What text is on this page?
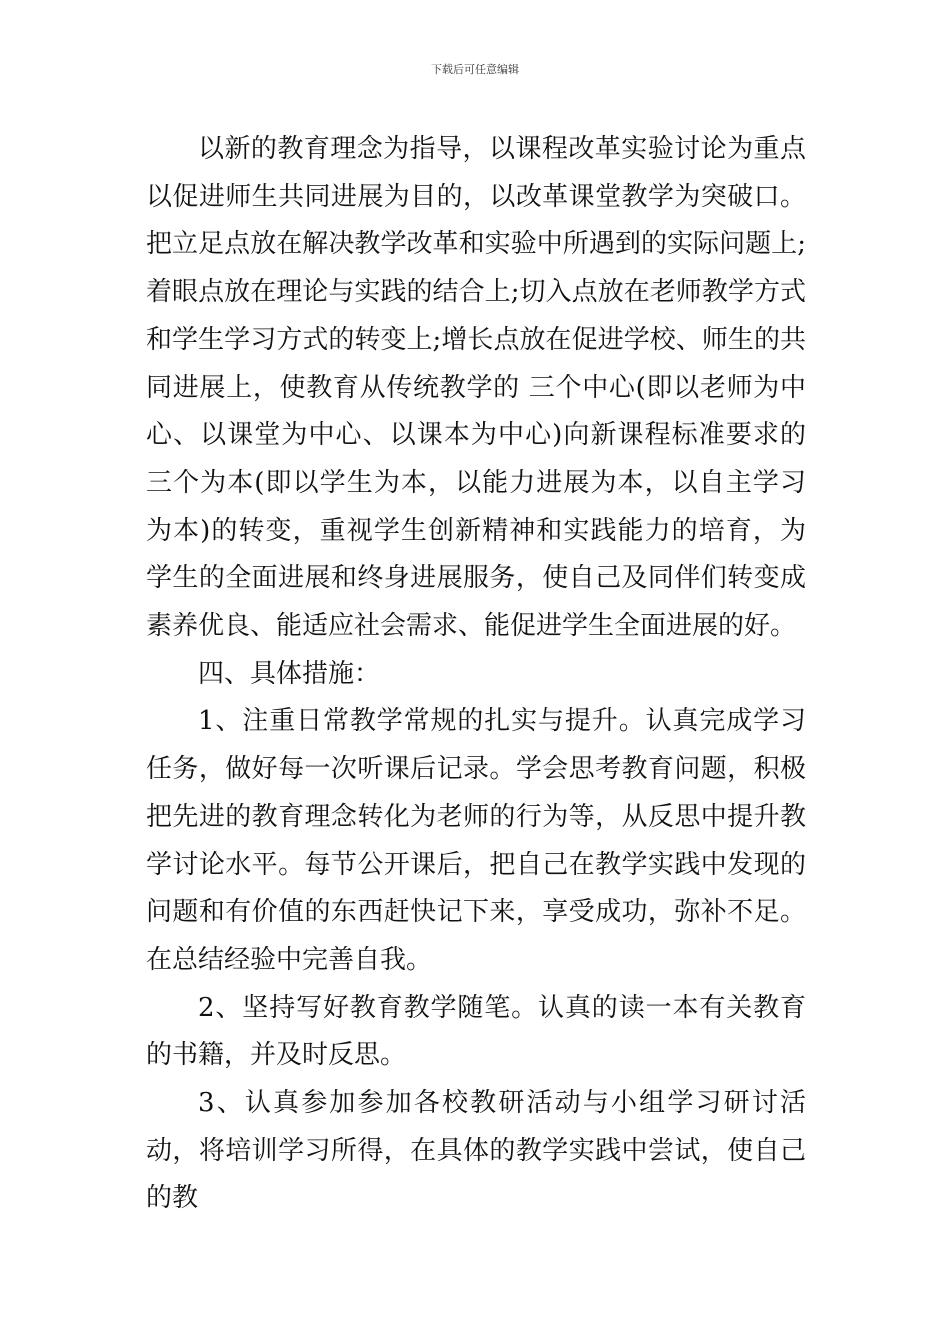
下载后可任意编辑

以新的教育理念为指导，以课程改革实验讨论为重点以促进师生共同进展为目的，以改革课堂教学为突破口。把立足点放在解决教学改革和实验中所遇到的实际问题上;着眼点放在理论与实践的结合上;切入点放在老师教学方式和学生学习方式的转变上;增长点放在促进学校、师生的共同进展上，使教育从传统教学的 三个中心(即以老师为中心、以课堂为中心、以课本为中心)向新课程标准要求的三个为本(即以学生为本，以能力进展为本，以自主学习为本)的转变，重视学生创新精神和实践能力的培育，为学生的全面进展和终身进展服务，使自己及同伴们转变成素养优良、能适应社会需求、能促进学生全面进展的好。

四、具体措施：

1、注重日常教学常规的扎实与提升。认真完成学习任务，做好每一次听课后记录。学会思考教育问题，积极把先进的教育理念转化为老师的行为等，从反思中提升教学讨论水平。每节公开课后，把自己在教学实践中发现的问题和有价值的东西赶快记下来，享受成功，弥补不足。在总结经验中完善自我。

2、坚持写好教育教学随笔。认真的读一本有关教育的书籍，并及时反思。

3、认真参加参加各校教研活动与小组学习研讨活动，将培训学习所得，在具体的教学实践中尝试，使自己的教
